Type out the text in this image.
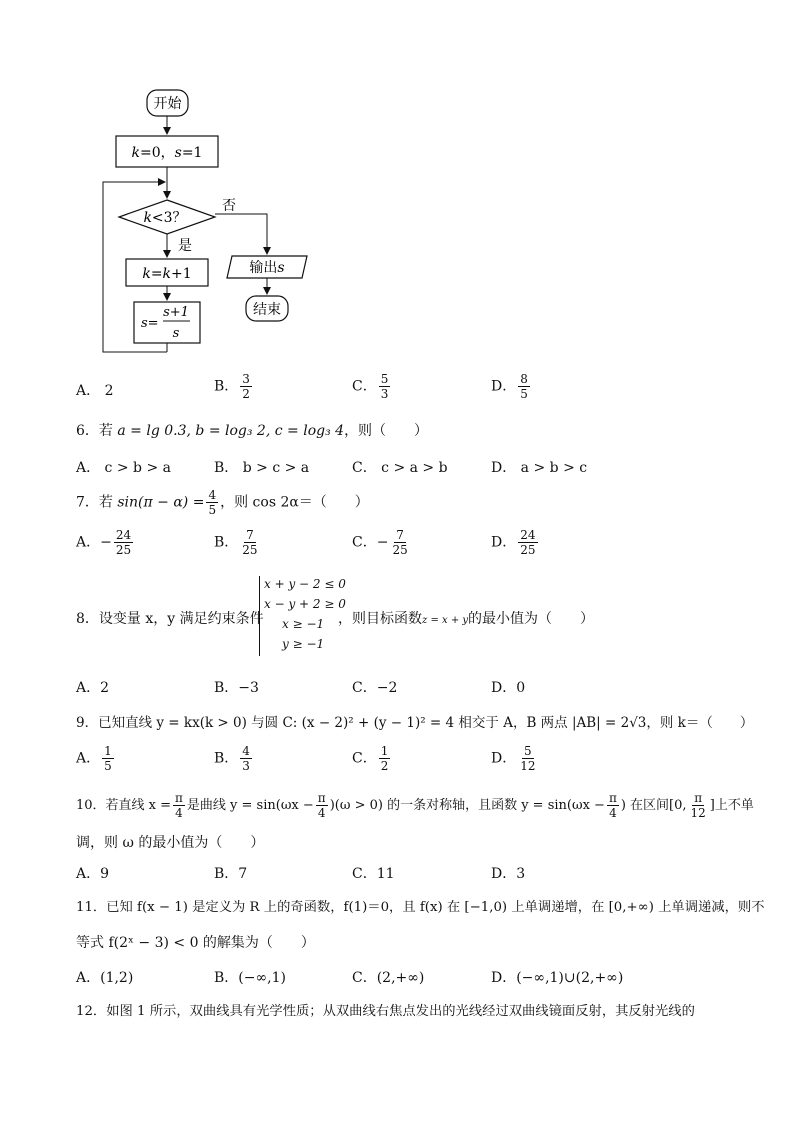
开始
k=0，s=1
k<3？
否
是
k=k+1
s=
s+1
s
输出s
结束
A． 2	B． $\frac{3}{2}$	C． $\frac{5}{3}$	D． $\frac{8}{5}$
6．若 a = lg 0.3, b = log₃ 2, c = log₃ 4，则（　　）
A． c > b > a	B． b > c > a	C． c > a > b	D． a > b > c
7．若 $\sin(\pi - \alpha) = \frac{4}{5}$ ，则 cos 2α＝（　　）
A．− $\frac{24}{25}$	B． $\frac{7}{25}$	C．− $\frac{7}{25}$	D． $\frac{24}{25}$
8．设变量 x，y 满足约束条件
x + y − 2 ≤ 0
x − y + 2 ≥ 0
x ≥ −1
y ≥ −1
，则目标函数z = x + y的最小值为（　　）
A．2	B．−3	C．−2	D．0
9．已知直线 y = kx(k > 0) 与圆 C: (x − 2)² + (y − 1)² = 4 相交于 A，B 两点 |AB| = 2√3，则 k＝（　　）
A． $\frac{1}{5}$	B． $\frac{4}{3}$	C． $\frac{1}{2}$	D． $\frac{5}{12}$
10．若直线 $x = \frac{\pi}{4}$ 是曲线 $y = \sin(\omega x - \frac{\pi}{4} )(\omega > 0)$ 的一条对称轴，且函数 $y = \sin(\omega x - \frac{\pi}{4}$ ) 在区间[0, $\frac{\pi}{12}$ ]上不单
调，则 ω 的最小值为（　　）
A．9	B．7	C．11	D．3
11．已知 f(x − 1) 是定义为 R 上的奇函数，f(1)＝0，且 f(x) 在 [−1,0) 上单调递增，在 [0,+∞) 上单调递减，则不
等式 f(2ˣ − 3) < 0 的解集为（　　）
A．(1,2)	B．(−∞,1)	C．(2,+∞)	D．(−∞,1)∪(2,+∞)
12．如图 1 所示，双曲线具有光学性质；从双曲线右焦点发出的光线经过双曲线镜面反射，其反射光线的
